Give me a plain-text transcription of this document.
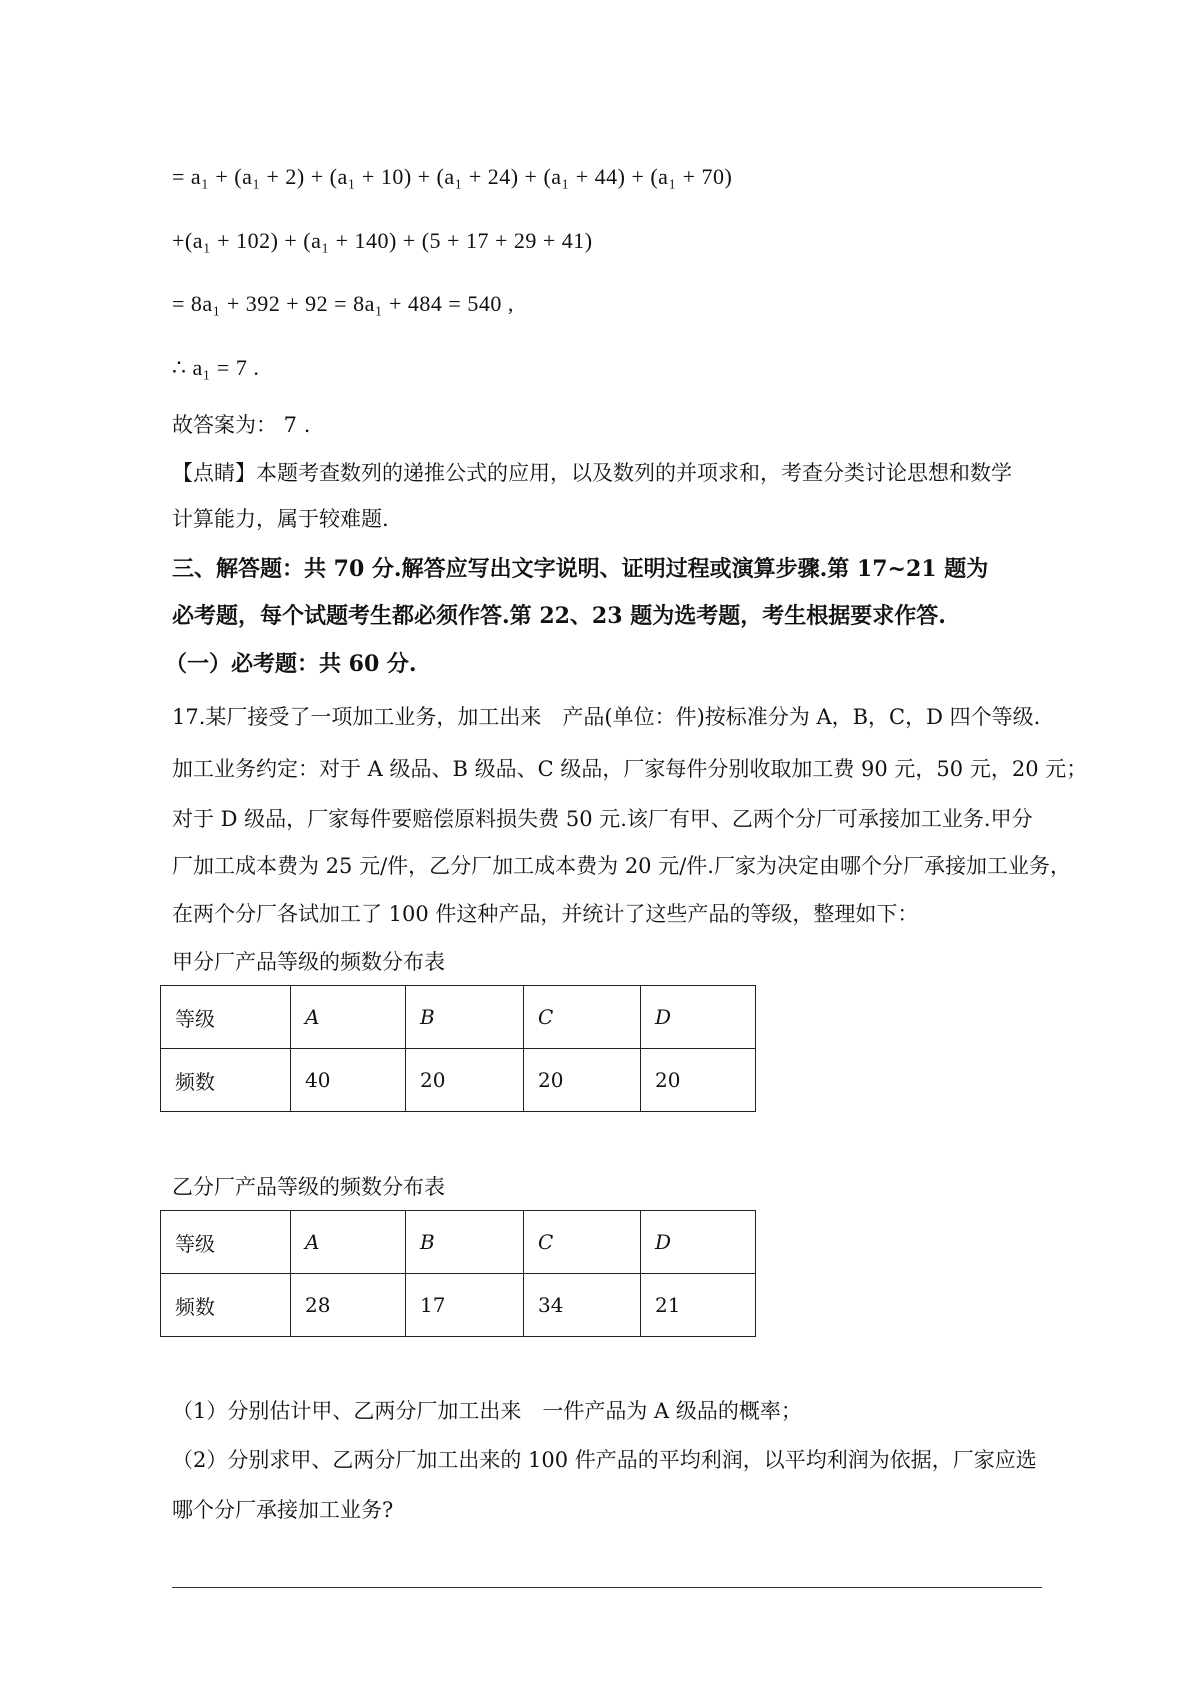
= a₁ + (a₁ + 2) + (a₁ + 10) + (a₁ + 24) + (a₁ + 44) + (a₁ + 70)
+(a₁ + 102) + (a₁ + 140) + (5 + 17 + 29 + 41)
= 8a₁ + 392 + 92 = 8a₁ + 484 = 540 ,
∴ a₁ = 7 .
故答案为： 7 .
【点睛】本题考查数列的递推公式的应用，以及数列的并项求和，考查分类讨论思想和数学
计算能力，属于较难题.
三、解答题：共 70 分.解答应写出文字说明、证明过程或演算步骤.第 17~21 题为
必考题，每个试题考生都必须作答.第 22、23 题为选考题，考生根据要求作答.
（一）必考题：共 60 分.
17.某厂接受了一项加工业务，加工出来　产品(单位：件)按标准分为 A，B，C，D 四个等级.
加工业务约定：对于 A 级品、B 级品、C 级品，厂家每件分别收取加工费 90 元，50 元，20 元；
对于 D 级品，厂家每件要赔偿原料损失费 50 元.该厂有甲、乙两个分厂可承接加工业务.甲分
厂加工成本费为 25 元/件，乙分厂加工成本费为 20 元/件.厂家为决定由哪个分厂承接加工业务，
在两个分厂各试加工了 100 件这种产品，并统计了这些产品的等级，整理如下：
甲分厂产品等级的频数分布表
等级	A	B	C	D
频数	40	20	20	20
乙分厂产品等级的频数分布表
等级	A	B	C	D
频数	28	17	34	21
（1）分别估计甲、乙两分厂加工出来　一件产品为 A 级品的概率；
（2）分别求甲、乙两分厂加工出来的 100 件产品的平均利润，以平均利润为依据，厂家应选
哪个分厂承接加工业务?
